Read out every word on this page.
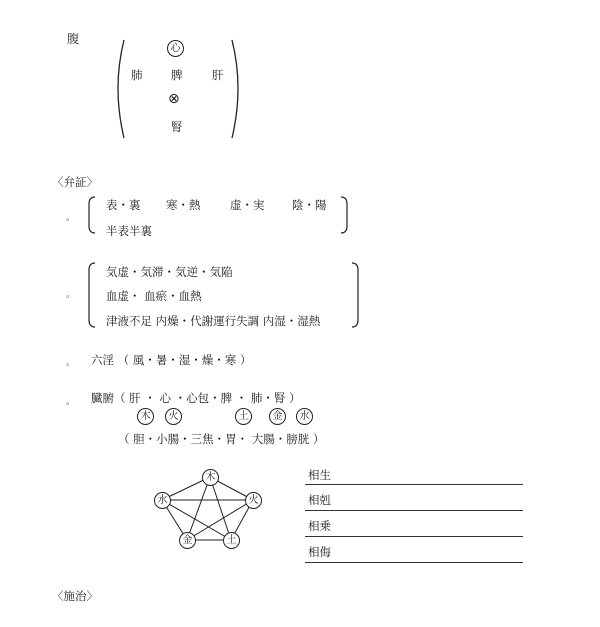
腹
心
肺 脾	肝
⊗
腎
〈弁証〉
。
表・裏 寒・熱	虚・実 陰・陽
半表半裏
。
気虚・気滞・気逆・気陥
血虚・ 血瘀・血熱
津液不足 内燥・代謝運行失調 内湿・湿熱
。 六淫 （ 風・暑・湿・燥・寒 ）
。 臓腑（ 肝 ・ 心 ・心包・脾 ・ 肺・腎 ）
木	火	土	金	水
（ 胆・小腸・三焦・胃・ 大腸・膀胱 ）
木
火
土
金
水
相生
相剋
相乗
相侮
〈施治〉
